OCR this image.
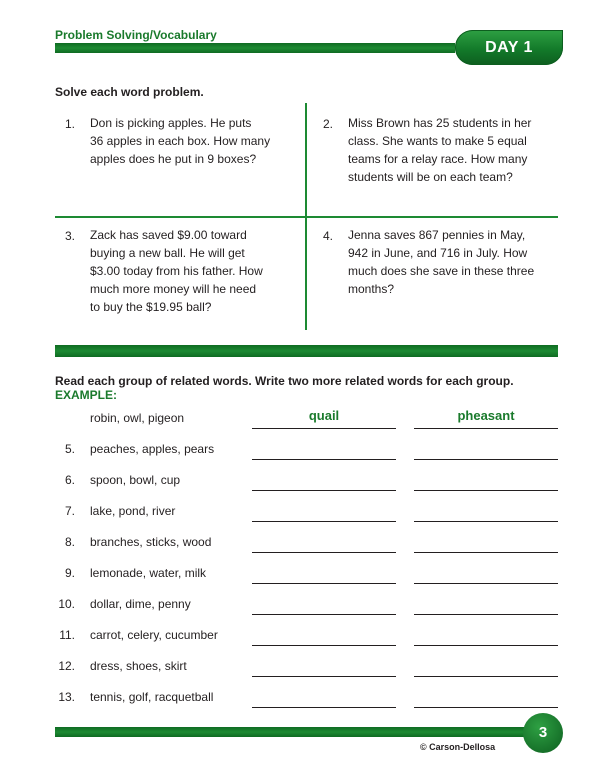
Problem Solving/Vocabulary
DAY 1
Solve each word problem.
1. Don is picking apples. He puts
36 apples in each box. How many
apples does he put in 9 boxes?
2. Miss Brown has 25 students in her
class. She wants to make 5 equal
teams for a relay race. How many
students will be on each team?
3. Zack has saved $9.00 toward
buying a new ball. He will get
$3.00 today from his father. How
much more money will he need
to buy the $19.95 ball?
4. Jenna saves 867 pennies in May,
942 in June, and 716 in July. How
much does she save in these three
months?
Read each group of related words. Write two more related words for each group.
EXAMPLE:
robin, owl, pigeon	quail	pheasant
5. peaches, apples, pears
6. spoon, bowl, cup
7. lake, pond, river
8. branches, sticks, wood
9. lemonade, water, milk
10. dollar, dime, penny
11. carrot, celery, cucumber
12. dress, shoes, skirt
13. tennis, golf, racquetball
3
© Carson-Dellosa
